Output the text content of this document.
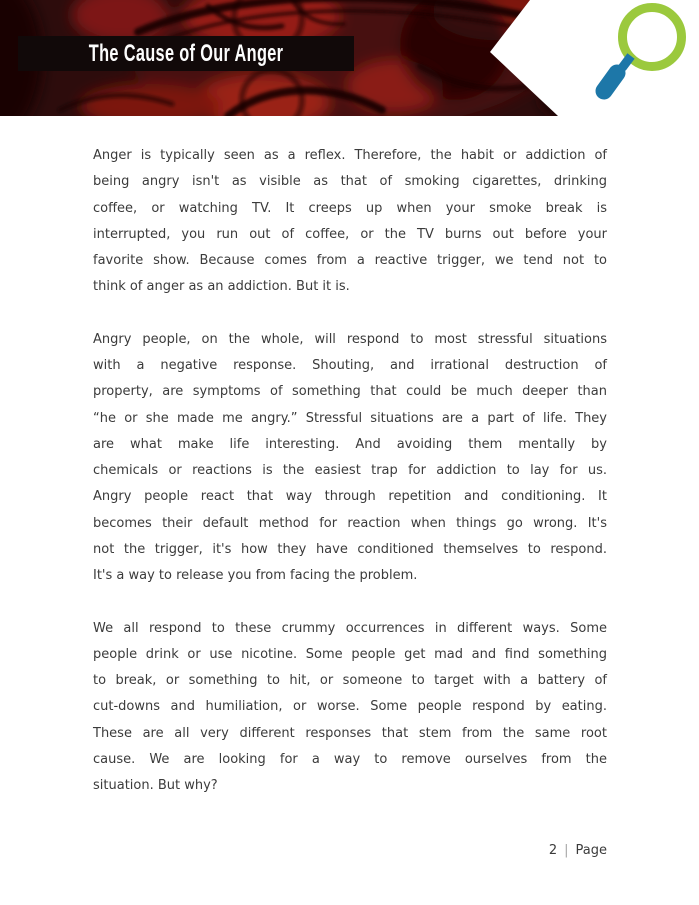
The Cause of Our Anger
Anger is typically seen as a reflex. Therefore, the habit or addiction of
being angry isn't as visible as that of smoking cigarettes, drinking
coffee, or watching TV. It creeps up when your smoke break is
interrupted, you run out of coffee, or the TV burns out before your
favorite show. Because comes from a reactive trigger, we tend not to
think of anger as an addiction. But it is.
Angry people, on the whole, will respond to most stressful situations
with a negative response. Shouting, and irrational destruction of
property, are symptoms of something that could be much deeper than
“he or she made me angry.” Stressful situations are a part of life. They
are what make life interesting. And avoiding them mentally by
chemicals or reactions is the easiest trap for addiction to lay for us.
Angry people react that way through repetition and conditioning. It
becomes their default method for reaction when things go wrong. It's
not the trigger, it's how they have conditioned themselves to respond.
It's a way to release you from facing the problem.
We all respond to these crummy occurrences in different ways. Some
people drink or use nicotine. Some people get mad and find something
to break, or something to hit, or someone to target with a battery of
cut-downs and humiliation, or worse. Some people respond by eating.
These are all very different responses that stem from the same root
cause. We are looking for a way to remove ourselves from the
situation. But why?
2 | Page
